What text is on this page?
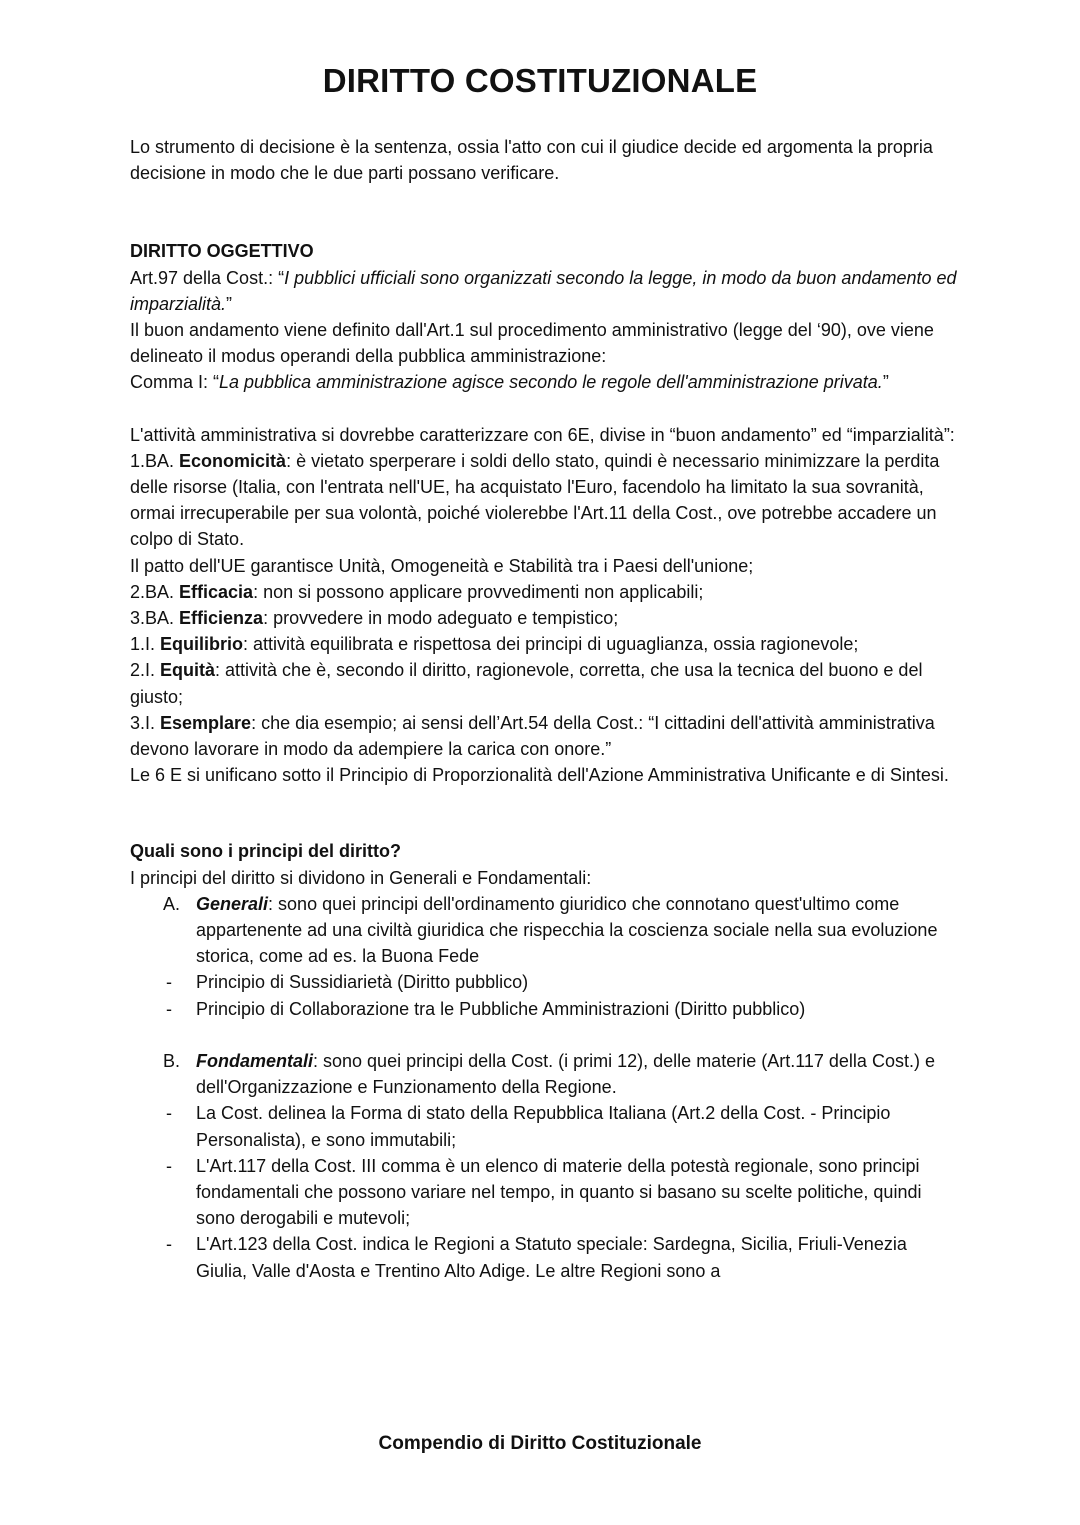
DIRITTO COSTITUZIONALE

Lo strumento di decisione è la sentenza, ossia l'atto con cui il giudice decide ed argomenta la propria decisione in modo che le due parti possano verificare.

DIRITTO OGGETTIVO

Art.97 della Cost.: “I pubblici ufficiali sono organizzati secondo la legge, in modo da buon andamento ed imparzialità.”

Il buon andamento viene definito dall'Art.1 sul procedimento amministrativo (legge del ‘90), ove viene delineato il modus operandi della pubblica amministrazione:

Comma I: “La pubblica amministrazione agisce secondo le regole dell'amministrazione privata.”

L'attività amministrativa si dovrebbe caratterizzare con 6E, divise in “buon andamento” ed “imparzialità”:

1.BA. Economicità: è vietato sperperare i soldi dello stato, quindi è necessario minimizzare la perdita delle risorse (Italia, con l'entrata nell'UE, ha acquistato l'Euro, facendolo ha limitato la sua sovranità, ormai irrecuperabile per sua volontà, poiché violerebbe l'Art.11 della Cost., ove potrebbe accadere un colpo di Stato.

Il patto dell'UE garantisce Unità, Omogeneità e Stabilità tra i Paesi dell'unione;

2.BA. Efficacia: non si possono applicare provvedimenti non applicabili;

3.BA. Efficienza: provvedere in modo adeguato e tempistico;

1.I. Equilibrio: attività equilibrata e rispettosa dei principi di uguaglianza, ossia ragionevole;

2.I. Equità: attività che è, secondo il diritto, ragionevole, corretta, che usa la tecnica del buono e del giusto;

3.I. Esemplare: che dia esempio; ai sensi dell’Art.54 della Cost.: “I cittadini dell'attività amministrativa devono lavorare in modo da adempiere la carica con onore.”

Le 6 E si unificano sotto il Principio di Proporzionalità dell'Azione Amministrativa Unificante e di Sintesi.

Quali sono i principi del diritto?

I principi del diritto si dividono in Generali e Fondamentali:

A. Generali: sono quei principi dell'ordinamento giuridico che connotano quest'ultimo come appartenente ad una civiltà giuridica che rispecchia la coscienza sociale nella sua evoluzione storica, come ad es. la Buona Fede
- Principio di Sussidiarietà (Diritto pubblico)
- Principio di Collaborazione tra le Pubbliche Amministrazioni (Diritto pubblico)
B. Fondamentali: sono quei principi della Cost. (i primi 12), delle materie (Art.117 della Cost.) e dell'Organizzazione e Funzionamento della Regione.
- La Cost. delinea la Forma di stato della Repubblica Italiana (Art.2 della Cost. - Principio Personalista), e sono immutabili;
- L'Art.117 della Cost. III comma è un elenco di materie della potestà regionale, sono principi fondamentali che possono variare nel tempo, in quanto si basano su scelte politiche, quindi sono derogabili e mutevoli;
- L'Art.123 della Cost. indica le Regioni a Statuto speciale: Sardegna, Sicilia, Friuli-Venezia Giulia, Valle d'Aosta e Trentino Alto Adige. Le altre Regioni sono a
Compendio di Diritto Costituzionale
